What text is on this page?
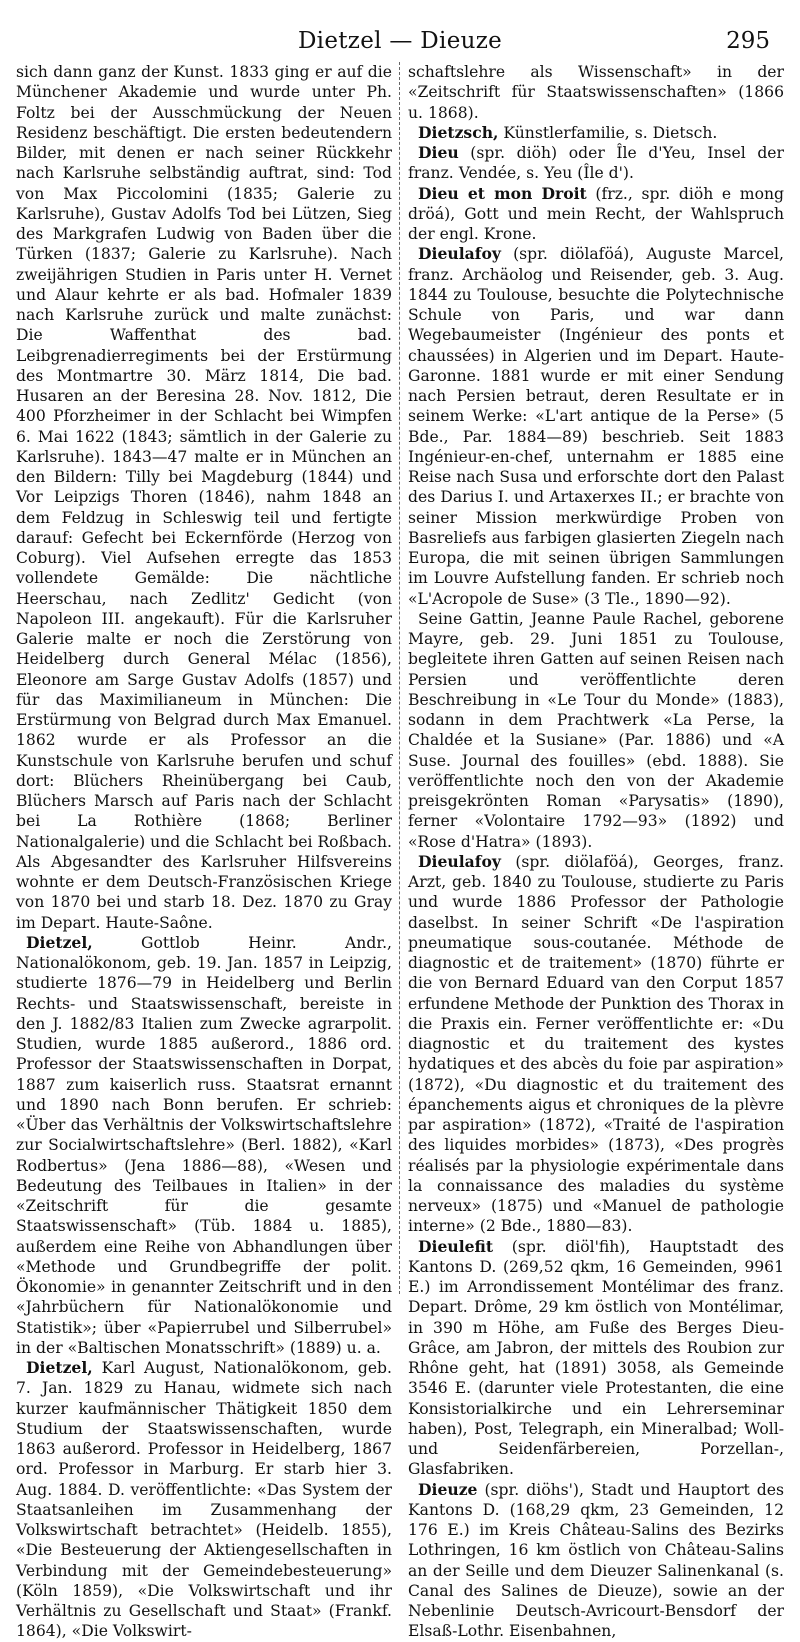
Dietzel — Dieuze	295

sich dann ganz der Kunst. 1833 ging er auf die Münchener Akademie und wurde unter Ph. Foltz bei der Ausschmückung der Neuen Residenz beschäftigt. Die ersten bedeutendern Bilder, mit denen er nach seiner Rückkehr nach Karlsruhe selbständig auftrat, sind: Tod von Max Piccolomini (1835; Galerie zu Karlsruhe), Gustav Adolfs Tod bei Lützen, Sieg des Markgrafen Ludwig von Baden über die Türken (1837; Galerie zu Karlsruhe). Nach zweijährigen Studien in Paris unter H. Vernet und Alaur kehrte er als bad. Hofmaler 1839 nach Karlsruhe zurück und malte zunächst: Die Waffenthat des bad. Leibgrenadierregiments bei der Erstürmung des Montmartre 30. März 1814, Die bad. Husaren an der Beresina 28. Nov. 1812, Die 400 Pforzheimer in der Schlacht bei Wimpfen 6. Mai 1622 (1843; sämtlich in der Galerie zu Karlsruhe). 1843—47 malte er in München an den Bildern: Tilly bei Magdeburg (1844) und Vor Leipzigs Thoren (1846), nahm 1848 an dem Feldzug in Schleswig teil und fertigte darauf: Gefecht bei Eckernförde (Herzog von Coburg). Viel Aufsehen erregte das 1853 vollendete Gemälde: Die nächtliche Heerschau, nach Zedlitz' Gedicht (von Napoleon III. angekauft). Für die Karlsruher Galerie malte er noch die Zerstörung von Heidelberg durch General Mélac (1856), Eleonore am Sarge Gustav Adolfs (1857) und für das Maximilianeum in München: Die Erstürmung von Belgrad durch Max Emanuel. 1862 wurde er als Professor an die Kunstschule von Karlsruhe berufen und schuf dort: Blüchers Rheinübergang bei Caub, Blüchers Marsch auf Paris nach der Schlacht bei La Rothière (1868; Berliner Nationalgalerie) und die Schlacht bei Roßbach. Als Abgesandter des Karlsruher Hilfsvereins wohnte er dem Deutsch-Französischen Kriege von 1870 bei und starb 18. Dez. 1870 zu Gray im Depart. Haute-Saône.

Dietzel, Gottlob Heinr. Andr., Nationalökonom, geb. 19. Jan. 1857 in Leipzig, studierte 1876—79 in Heidelberg und Berlin Rechts- und Staatswissenschaft, bereiste in den J. 1882/83 Italien zum Zwecke agrarpolit. Studien, wurde 1885 außerord., 1886 ord. Professor der Staatswissenschaften in Dorpat, 1887 zum kaiserlich russ. Staatsrat ernannt und 1890 nach Bonn berufen. Er schrieb: «Über das Verhältnis der Volkswirtschaftslehre zur Socialwirtschaftslehre» (Berl. 1882), «Karl Rodbertus» (Jena 1886—88), «Wesen und Bedeutung des Teilbaues in Italien» in der «Zeitschrift für die gesamte Staatswissenschaft» (Tüb. 1884 u. 1885), außerdem eine Reihe von Abhandlungen über «Methode und Grundbegriffe der polit. Ökonomie» in genannter Zeitschrift und in den «Jahrbüchern für Nationalökonomie und Statistik»; über «Papierrubel und Silberrubel» in der «Baltischen Monatsschrift» (1889) u. a.

Dietzel, Karl August, Nationalökonom, geb. 7. Jan. 1829 zu Hanau, widmete sich nach kurzer kaufmännischer Thätigkeit 1850 dem Studium der Staatswissenschaften, wurde 1863 außerord. Professor in Heidelberg, 1867 ord. Professor in Marburg. Er starb hier 3. Aug. 1884. D. veröffentlichte: «Das System der Staatsanleihen im Zusammenhang der Volkswirtschaft betrachtet» (Heidelb. 1855), «Die Besteuerung der Aktiengesellschaften in Verbindung mit der Gemeindebesteuerung» (Köln 1859), «Die Volkswirtschaft und ihr Verhältnis zu Gesellschaft und Staat» (Frankf. 1864), «Die Volkswirt-

schaftslehre als Wissenschaft» in der «Zeitschrift für Staatswissenschaften» (1866 u. 1868).

Dietzsch, Künstlerfamilie, s. Dietsch.

Dieu (spr. diöh) oder Île d'Yeu, Insel der franz. Vendée, s. Yeu (Île d').

Dieu et mon Droit (frz., spr. diöh e mong dröá), Gott und mein Recht, der Wahlspruch der engl. Krone.

Dieulafoy (spr. diölaföá), Auguste Marcel, franz. Archäolog und Reisender, geb. 3. Aug. 1844 zu Toulouse, besuchte die Polytechnische Schule von Paris, und war dann Wegebaumeister (Ingénieur des ponts et chaussées) in Algerien und im Depart. Haute-Garonne. 1881 wurde er mit einer Sendung nach Persien betraut, deren Resultate er in seinem Werke: «L'art antique de la Perse» (5 Bde., Par. 1884—89) beschrieb. Seit 1883 Ingénieur-en-chef, unternahm er 1885 eine Reise nach Susa und erforschte dort den Palast des Darius I. und Artaxerxes II.; er brachte von seiner Mission merkwürdige Proben von Basreliefs aus farbigen glasierten Ziegeln nach Europa, die mit seinen übrigen Sammlungen im Louvre Aufstellung fanden. Er schrieb noch «L'Acropole de Suse» (3 Tle., 1890—92).

Seine Gattin, Jeanne Paule Rachel, geborene Mayre, geb. 29. Juni 1851 zu Toulouse, begleitete ihren Gatten auf seinen Reisen nach Persien und veröffentlichte deren Beschreibung in «Le Tour du Monde» (1883), sodann in dem Prachtwerk «La Perse, la Chaldée et la Susiane» (Par. 1886) und «A Suse. Journal des fouilles» (ebd. 1888). Sie veröffentlichte noch den von der Akademie preisgekrönten Roman «Parysatis» (1890), ferner «Volontaire 1792—93» (1892) und «Rose d'Hatra» (1893).

Dieulafoy (spr. diölaföá), Georges, franz. Arzt, geb. 1840 zu Toulouse, studierte zu Paris und wurde 1886 Professor der Pathologie daselbst. In seiner Schrift «De l'aspiration pneumatique sous-coutanée. Méthode de diagnostic et de traitement» (1870) führte er die von Bernard Eduard van den Corput 1857 erfundene Methode der Punktion des Thorax in die Praxis ein. Ferner veröffentlichte er: «Du diagnostic et du traitement des kystes hydatiques et des abcès du foie par aspiration» (1872), «Du diagnostic et du traitement des épanchements aigus et chroniques de la plèvre par aspiration» (1872), «Traité de l'aspiration des liquides morbides» (1873), «Des progrès réalisés par la physiologie expérimentale dans la connaissance des maladies du système nerveux» (1875) und «Manuel de pathologie interne» (2 Bde., 1880—83).

Dieulefit (spr. diöl'fih), Hauptstadt des Kantons D. (269,52 qkm, 16 Gemeinden, 9961 E.) im Arrondissement Montélimar des franz. Depart. Drôme, 29 km östlich von Montélimar, in 390 m Höhe, am Fuße des Berges Dieu-Grâce, am Jabron, der mittels des Roubion zur Rhône geht, hat (1891) 3058, als Gemeinde 3546 E. (darunter viele Protestanten, die eine Konsistorialkirche und ein Lehrerseminar haben), Post, Telegraph, ein Mineralbad; Woll- und Seidenfärbereien, Porzellan-, Glasfabriken.

Dieuze (spr. diöhs'), Stadt und Hauptort des Kantons D. (168,29 qkm, 23 Gemeinden, 12 176 E.) im Kreis Château-Salins des Bezirks Lothringen, 16 km östlich von Château-Salins an der Seille und dem Dieuzer Salinenkanal (s. Canal des Salines de Dieuze), sowie an der Nebenlinie Deutsch-Avricourt-Bensdorf der Elsaß-Lothr. Eisenbahnen,
